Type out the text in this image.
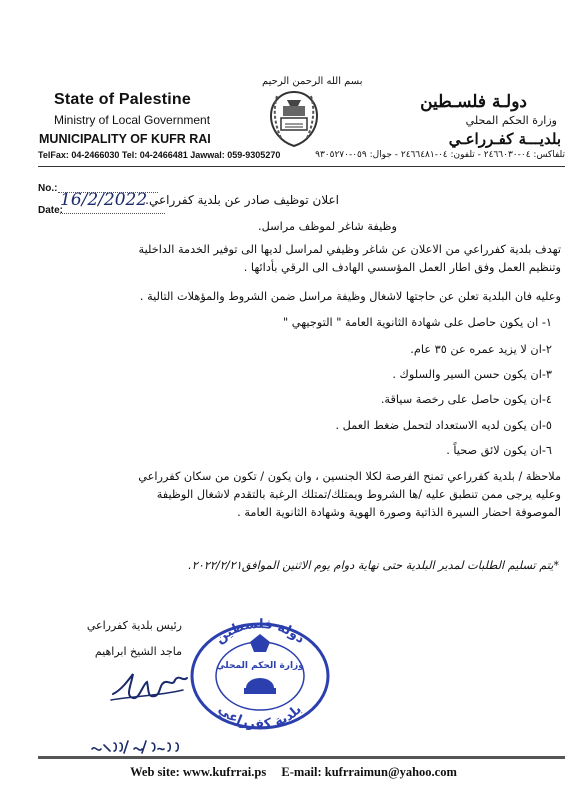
State of Palestine
Ministry of Local Government
MUNICIPALITY OF KUFR RAI
TelFax: 04-2466030 Tel: 04-2466481 Jawwal: 059-9305270
بسم الله الرحمن الرحيم
دولـة فلسـطين
وزارة الحكم المحلي
بلديـــة كفـرراعـي
تلفاكس: ٠٤-٢٤٦٦٠٣٠ - تلفون: ٠٤-٢٤٦٦٤٨١ - جوال: ٠٥٩-٩٣٠٥٢٧٠
No.:
Date:
16/2/2022
اعلان توظيف صادر عن بلدية كفرراعي.
وظيفة شاغر لموظف مراسل.
تهدف بلدية كفرراعي من الاعلان عن شاغر وظيفي لمراسل لديها الى توفير الخدمة الداخلية
وتنظيم العمل وفق اطار العمل المؤسسي الهادف الى الرقي بأدائها .
وعليه فان البلدية تعلن عن حاجتها لاشغال وظيفة مراسل ضمن الشروط والمؤهلات التالية .
١- ان يكون حاصل على شهادة الثانوية العامة " التوجيهي "
٢-ان لا يزيد عمره عن ٣٥ عام.
٣-ان يكون حسن السير والسلوك .
٤-ان يكون حاصل على رخصة سياقة.
٥-ان يكون لديه الاستعداد لتحمل ضغط العمل .
٦-ان يكون لائق صحياً .
ملاحظة / بلدية كفرراعي تمنح الفرصة لكلا الجنسين ، وان يكون / تكون من سكان كفرراعي
وعليه يرجى ممن تنطبق عليه /ها الشروط ويمتلك/تمتلك الرغبة بالتقدم لاشغال الوظيفة
الموصوفة احضار السيرة الذاتية وصورة الهوية وشهادة الثانوية العامة .
*يتم تسليم الطلبات لمدير البلدية حتى نهاية دوام يوم الاثنين الموافق٢٠٢٢/٢/٢١.
رئيس بلدية كفرراعي
ماجد الشيخ ابراهيم
دولة فلسطين
بلدية كفرراعي
وزارة الحكم المحلي
Web site: www.kufrrai.ps E-mail: kufrraimun@yahoo.com
